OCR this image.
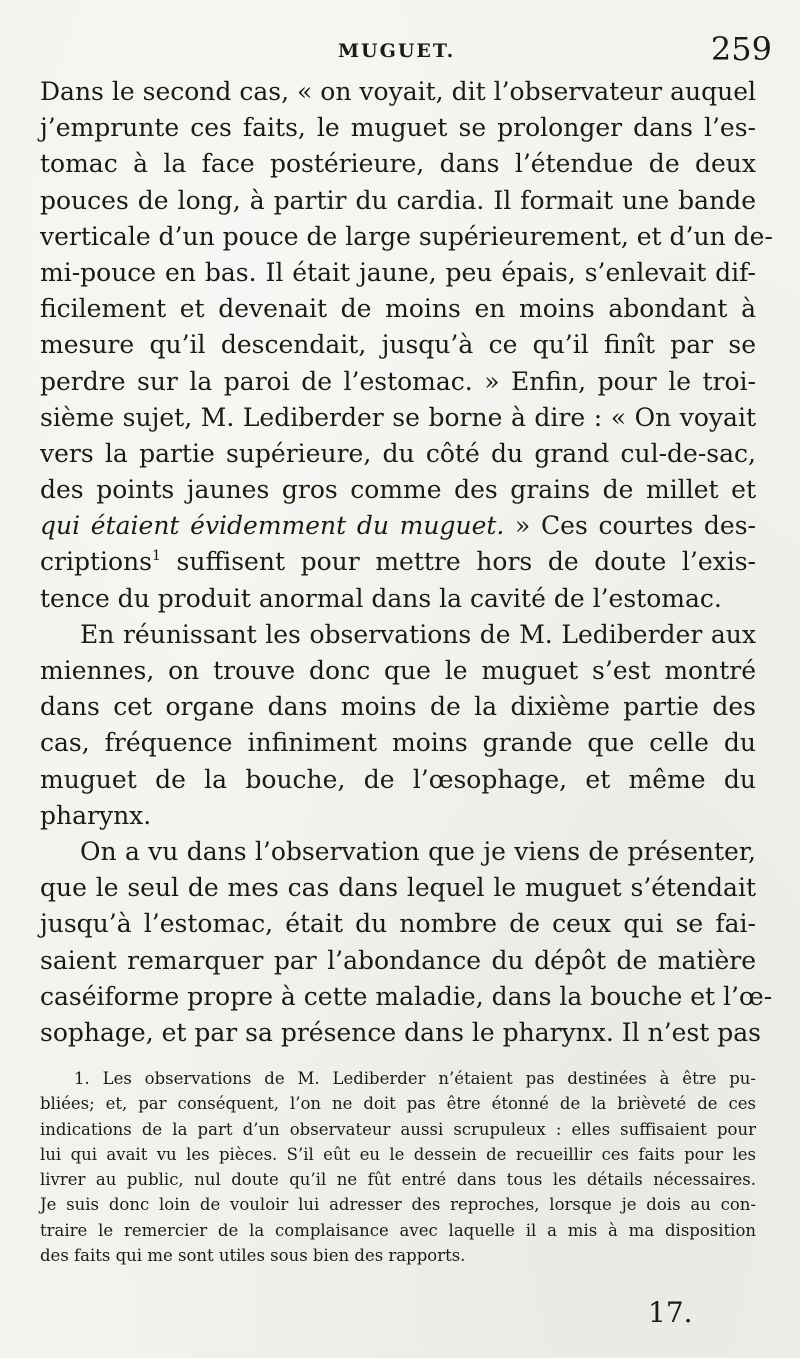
MUGUET.	259
Dans le second cas, « on voyait, dit l’observateur auquel
j’emprunte ces faits, le muguet se prolonger dans l’es-
tomac à la face postérieure, dans l’étendue de deux
pouces de long, à partir du cardia. Il formait une bande
verticale d’un pouce de large supérieurement, et d’un de-
mi-pouce en bas. Il était jaune, peu épais, s’enlevait dif-
ficilement et devenait de moins en moins abondant à
mesure qu’il descendait, jusqu’à ce qu’il finît par se
perdre sur la paroi de l’estomac. » Enfin, pour le troi-
sième sujet, M. Lediberder se borne à dire : « On voyait
vers la partie supérieure, du côté du grand cul-de-sac,
des points jaunes gros comme des grains de millet et
qui étaient évidemment du muguet. » Ces courtes des-
criptions$^1$ suffisent pour mettre hors de doute l’exis-
tence du produit anormal dans la cavité de l’estomac.
En réunissant les observations de M. Lediberder aux
miennes, on trouve donc que le muguet s’est montré
dans cet organe dans moins de la dixième partie des
cas, fréquence infiniment moins grande que celle du
muguet de la bouche, de l’œsophage, et même du
pharynx.
On a vu dans l’observation que je viens de présenter,
que le seul de mes cas dans lequel le muguet s’étendait
jusqu’à l’estomac, était du nombre de ceux qui se fai-
saient remarquer par l’abondance du dépôt de matière
caséiforme propre à cette maladie, dans la bouche et l’œ-
sophage, et par sa présence dans le pharynx. Il n’est pas
1. Les observations de M. Lediberder n’étaient pas destinées à être pu-
bliées; et, par conséquent, l’on ne doit pas être étonné de la brièveté de ces
indications de la part d’un observateur aussi scrupuleux : elles suffisaient pour
lui qui avait vu les pièces. S’il eût eu le dessein de recueillir ces faits pour les
livrer au public, nul doute qu’il ne fût entré dans tous les détails nécessaires.
Je suis donc loin de vouloir lui adresser des reproches, lorsque je dois au con-
traire le remercier de la complaisance avec laquelle il a mis à ma disposition
des faits qui me sont utiles sous bien des rapports.
17.
